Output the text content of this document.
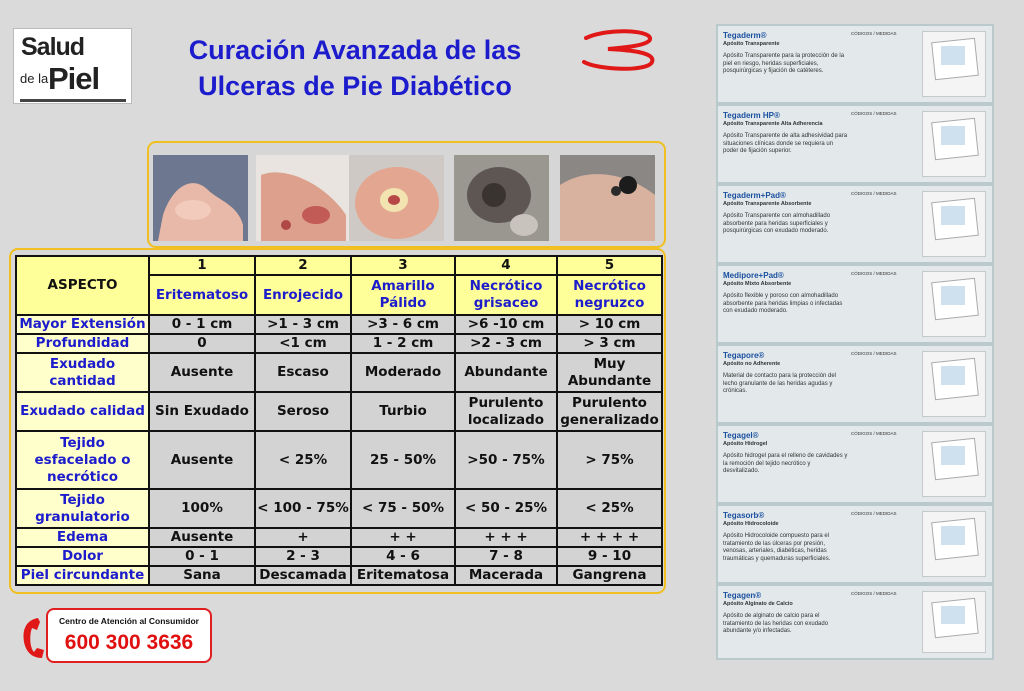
Salud
de la Piel
Curación Avanzada de las
Ulceras de Pie Diabético
ASPECTO	1	2	3	4	5
	Eritematoso	Enrojecido	Amarillo Pálido	Necrótico grisaceo	Necrótico negruzco
Mayor Extensión	0 - 1 cm	>1 - 3 cm	>3 - 6 cm	>6 -10 cm	> 10 cm
Profundidad	0	<1 cm	1 - 2 cm	>2 - 3 cm	> 3 cm
Exudado cantidad	Ausente	Escaso	Moderado	Abundante	Muy Abundante
Exudado calidad	Sin Exudado	Seroso	Turbio	Purulento localizado	Purulento generalizado
Tejido esfacelado o necrótico	Ausente	< 25%	25 - 50%	>50 - 75%	> 75%
Tejido granulatorio	100%	< 100 - 75%	< 75 - 50%	< 50 - 25%	< 25%
Edema	Ausente	+	+ +	+ + +	+ + + +
Dolor	0 - 1	2 - 3	4 - 6	7 - 8	9 - 10
Piel circundante	Sana	Descamada	Eritematosa	Macerada	Gangrena
Centro de Atención al Consumidor
600 300 3636
Tegaderm®
Apósito Transparente
Apósito Transparente para la protección de la piel en riesgo, heridas superficiales, posquirúrgicas y fijación de catéteres.
CÓDIGOS / MEDIDAS
Tegaderm HP®
Apósito Transparente Alta Adherencia
Apósito Transparente de alta adhesividad para situaciones clínicas donde se requiera un poder de fijación superior.
CÓDIGOS / MEDIDAS
Tegaderm+Pad®
Apósito Transparente Absorbente
Apósito Transparente con almohadillado absorbente para heridas superficiales y posquirúrgicas con exudado moderado.
CÓDIGOS / MEDIDAS
Medipore+Pad®
Apósito Mixto Absorbente
Apósito flexible y poroso con almohadillado absorbente para heridas limpias o infectadas con exudado moderado.
CÓDIGOS / MEDIDAS
Tegapore®
Apósito no Adherente
Material de contacto para la protección del lecho granulante de las heridas agudas y crónicas.
CÓDIGOS / MEDIDAS
Tegagel®
Apósito Hidrogel
Apósito hidrogel para el relleno de cavidades y la remoción del tejido necrótico y desvitalizado.
CÓDIGOS / MEDIDAS
Tegasorb®
Apósito Hidrocoloide
Apósito Hidrocoloide compuesto para el tratamiento de las úlceras por presión, venosas, arteriales, diabéticas, heridas traumáticas y quemaduras superficiales.
CÓDIGOS / MEDIDAS
Tegagen®
Apósito Alginato de Calcio
Apósito de alginato de calcio para el tratamiento de las heridas con exudado abundante y/o infectadas.
CÓDIGOS / MEDIDAS
